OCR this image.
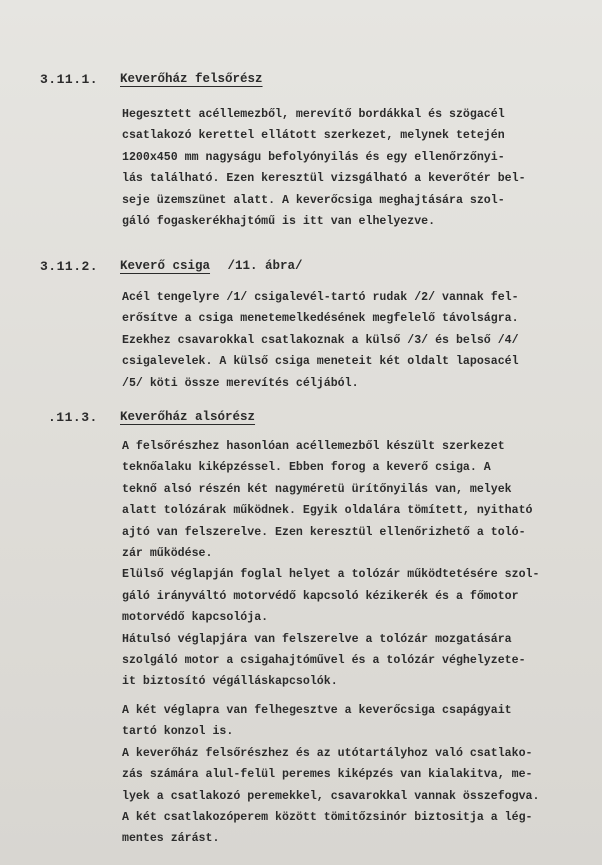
3.11.1. Keverőház felsőrész
Hegesztett acéllemezből, merevítő bordákkal és szögacél
csatlakozó kerettel ellátott szerkezet, melynek tetején
1200x450 mm nagyságu befolyónyilás és egy ellenőrzőnyi-
lás található. Ezen keresztül vizsgálható a keverőtér bel-
seje üzemszünet alatt. A keverőcsiga meghajtására szol-
gáló fogaskerékhajtómű is itt van elhelyezve.
3.11.2. Keverő csiga /11. ábra/
Acél tengelyre /1/ csigalevél-tartó rudak /2/ vannak fel-
erősítve a csiga menetemelkedésének megfelelő távolságra.
Ezekhez csavarokkal csatlakoznak a külső /3/ és belső /4/
csigalevelek. A külső csiga meneteit két oldalt laposacél
/5/ köti össze merevítés céljából.
.11.3. Keverőház alsórész
A felsőrészhez hasonlóan acéllemezből készült szerkezet
teknőalaku kiképzéssel. Ebben forog a keverő csiga. A
teknő alsó részén két nagyméretü ürítőnyilás van, melyek
alatt tolózárak működnek. Egyik oldalára tömített, nyitható
ajtó van felszerelve. Ezen keresztül ellenőrizhető a toló-
zár működése.
Elülső véglapján foglal helyet a tolózár működtetésére szol-
gáló irányváltó motorvédő kapcsoló kézikerék és a főmotor
motorvédő kapcsolója.
Hátulsó véglapjára van felszerelve a tolózár mozgatására
szolgáló motor a csigahajtóművel és a tolózár véghelyzete-
it biztosító végálláskapcsolók.
A két véglapra van felhegesztve a keverőcsiga csapágyait
tartó konzol is.
A keverőház felsőrészhez és az utótartályhoz való csatlako-
zás számára alul-felül peremes kiképzés van kialakitva, me-
lyek a csatlakozó peremekkel, csavarokkal vannak összefogva.
A két csatlakozóperem között tömitőzsinór biztositja a lég-
mentes zárást.
